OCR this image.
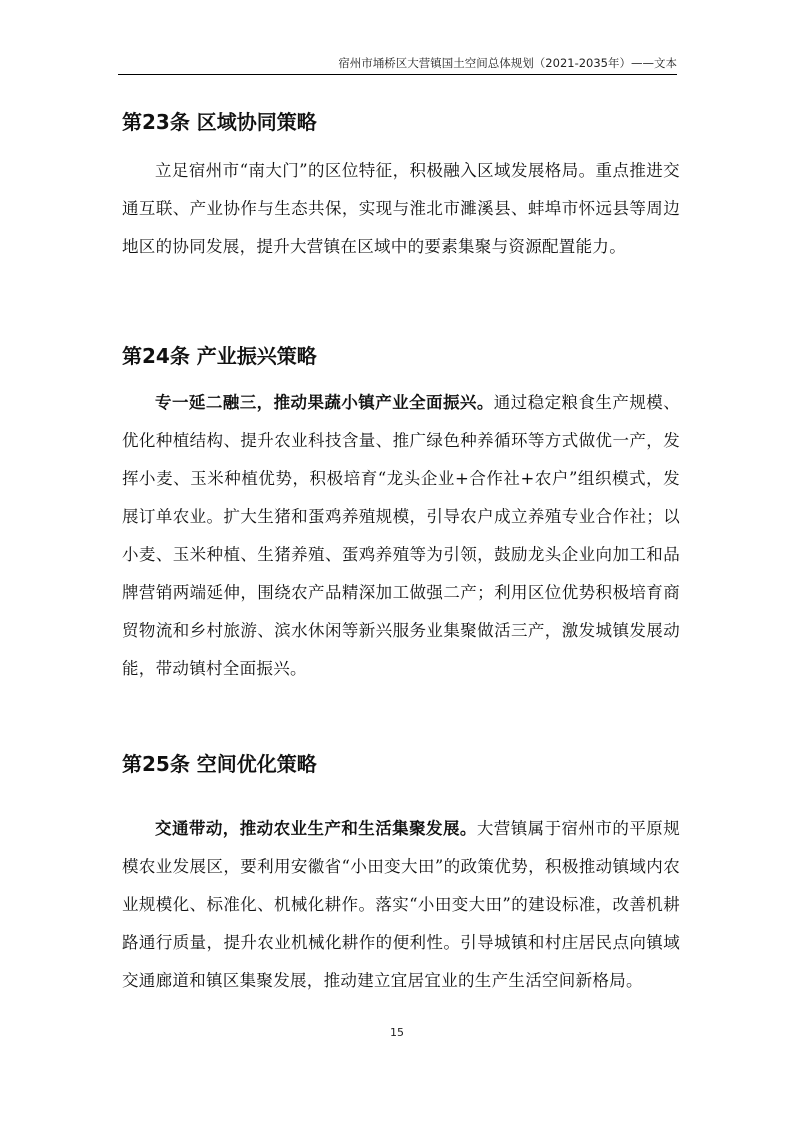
宿州市埇桥区大营镇国土空间总体规划（2021-2035年）——文本
第23条 区域协同策略

立足宿州市“南大门”的区位特征，积极融入区域发展格局。重点推进交通互联、产业协作与生态共保，实现与淮北市濉溪县、蚌埠市怀远县等周边地区的协同发展，提升大营镇在区域中的要素集聚与资源配置能力。

第24条 产业振兴策略

专一延二融三，推动果蔬小镇产业全面振兴。通过稳定粮食生产规模、优化种植结构、提升农业科技含量、推广绿色种养循环等方式做优一产，发挥小麦、玉米种植优势，积极培育“龙头企业+合作社+农户”组织模式，发展订单农业。扩大生猪和蛋鸡养殖规模，引导农户成立养殖专业合作社；以小麦、玉米种植、生猪养殖、蛋鸡养殖等为引领，鼓励龙头企业向加工和品牌营销两端延伸，围绕农产品精深加工做强二产；利用区位优势积极培育商贸物流和乡村旅游、滨水休闲等新兴服务业集聚做活三产，激发城镇发展动能，带动镇村全面振兴。

第25条 空间优化策略

交通带动，推动农业生产和生活集聚发展。大营镇属于宿州市的平原规模农业发展区，要利用安徽省“小田变大田”的政策优势，积极推动镇域内农业规模化、标准化、机械化耕作。落实“小田变大田”的建设标准，改善机耕路通行质量，提升农业机械化耕作的便利性。引导城镇和村庄居民点向镇域交通廊道和镇区集聚发展，推动建立宜居宜业的生产生活空间新格局。

15
